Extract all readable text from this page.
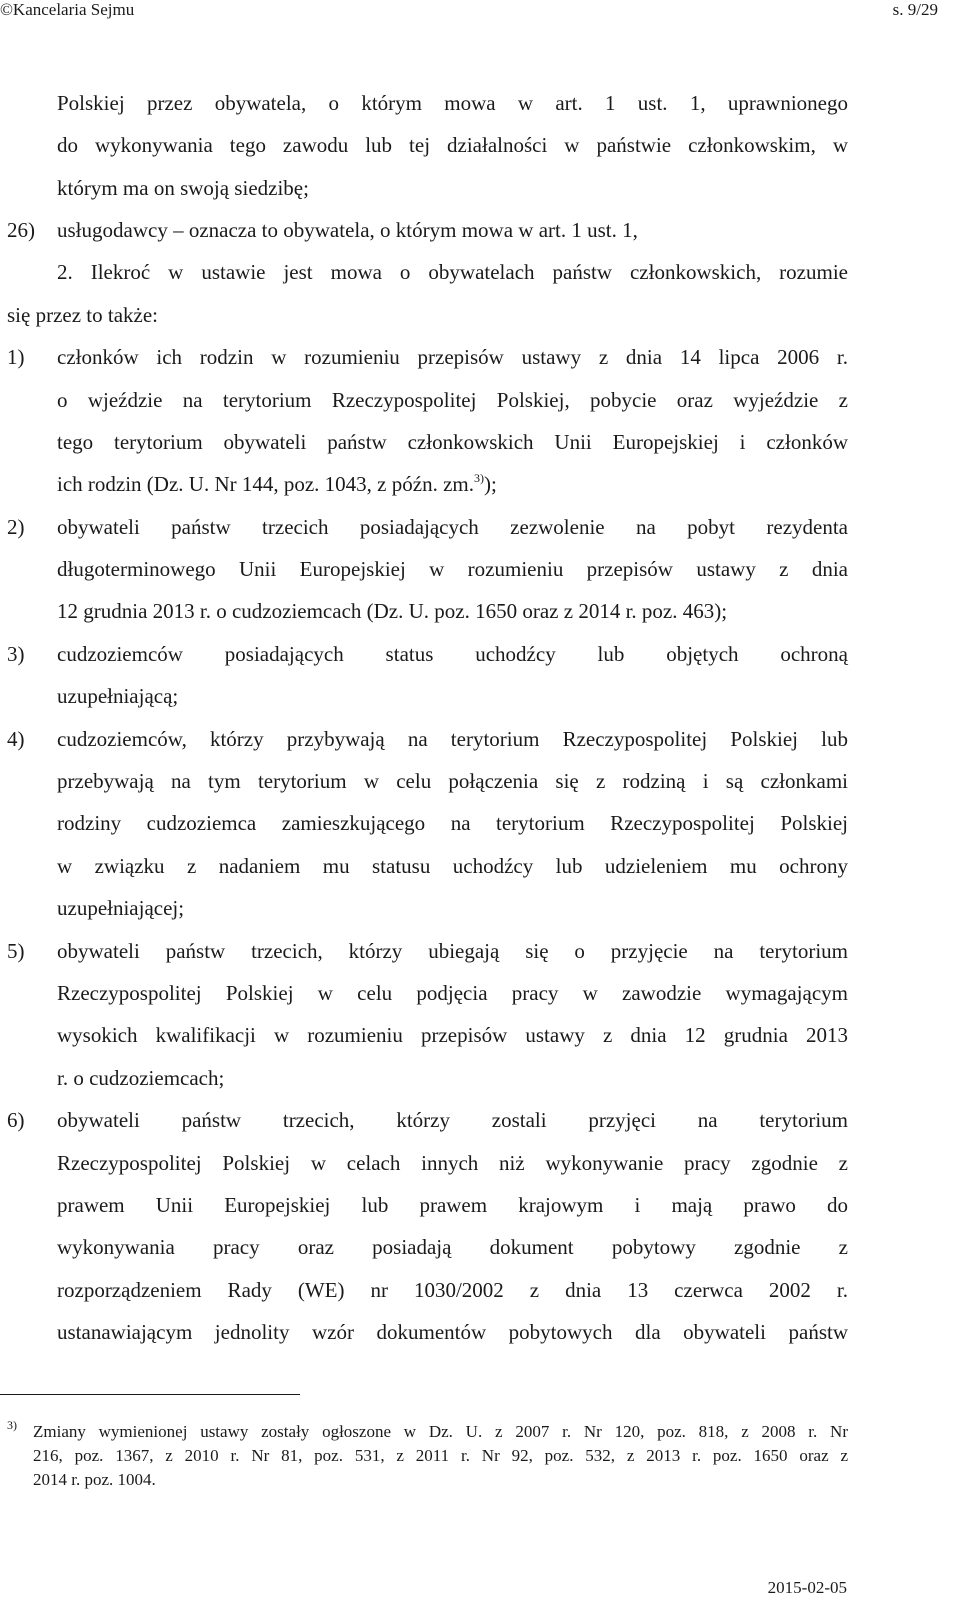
©Kancelaria Sejmu	s. 9/29
Polskiej przez obywatela, o którym mowa w art. 1 ust. 1, uprawnionego
do wykonywania tego zawodu lub tej działalności w państwie członkowskim, w
którym ma on swoją siedzibę;
26) usługodawcy – oznacza to obywatela, o którym mowa w art. 1 ust. 1,
2. Ilekroć w ustawie jest mowa o obywatelach państw członkowskich, rozumie
się przez to także:
1) członków ich rodzin w rozumieniu przepisów ustawy z dnia 14 lipca 2006 r.
o wjeździe na terytorium Rzeczypospolitej Polskiej, pobycie oraz wyjeździe z
tego terytorium obywateli państw członkowskich Unii Europejskiej i członków
ich rodzin (Dz. U. Nr 144, poz. 1043, z późn. zm.$^{3)}$);
2) obywateli państw trzecich posiadających zezwolenie na pobyt rezydenta
długoterminowego Unii Europejskiej w rozumieniu przepisów ustawy z dnia
12 grudnia 2013 r. o cudzoziemcach (Dz. U. poz. 1650 oraz z 2014 r. poz. 463);
3) cudzoziemców posiadających status uchodźcy lub objętych ochroną
uzupełniającą;
4) cudzoziemców, którzy przybywają na terytorium Rzeczypospolitej Polskiej lub
przebywają na tym terytorium w celu połączenia się z rodziną i są członkami
rodziny cudzoziemca zamieszkującego na terytorium Rzeczypospolitej Polskiej
w związku z nadaniem mu statusu uchodźcy lub udzieleniem mu ochrony
uzupełniającej;
5) obywateli państw trzecich, którzy ubiegają się o przyjęcie na terytorium
Rzeczypospolitej Polskiej w celu podjęcia pracy w zawodzie wymagającym
wysokich kwalifikacji w rozumieniu przepisów ustawy z dnia 12 grudnia 2013
r. o cudzoziemcach;
6) obywateli państw trzecich, którzy zostali przyjęci na terytorium
Rzeczypospolitej Polskiej w celach innych niż wykonywanie pracy zgodnie z
prawem Unii Europejskiej lub prawem krajowym i mają prawo do
wykonywania pracy oraz posiadają dokument pobytowy zgodnie z
rozporządzeniem Rady (WE) nr 1030/2002 z dnia 13 czerwca 2002 r.
ustanawiającym jednolity wzór dokumentów pobytowych dla obywateli państw
3) Zmiany wymienionej ustawy zostały ogłoszone w Dz. U. z 2007 r. Nr 120, poz. 818, z 2008 r. Nr
216, poz. 1367, z 2010 r. Nr 81, poz. 531, z 2011 r. Nr 92, poz. 532, z 2013 r. poz. 1650 oraz z
2014 r. poz. 1004.
2015-02-05
